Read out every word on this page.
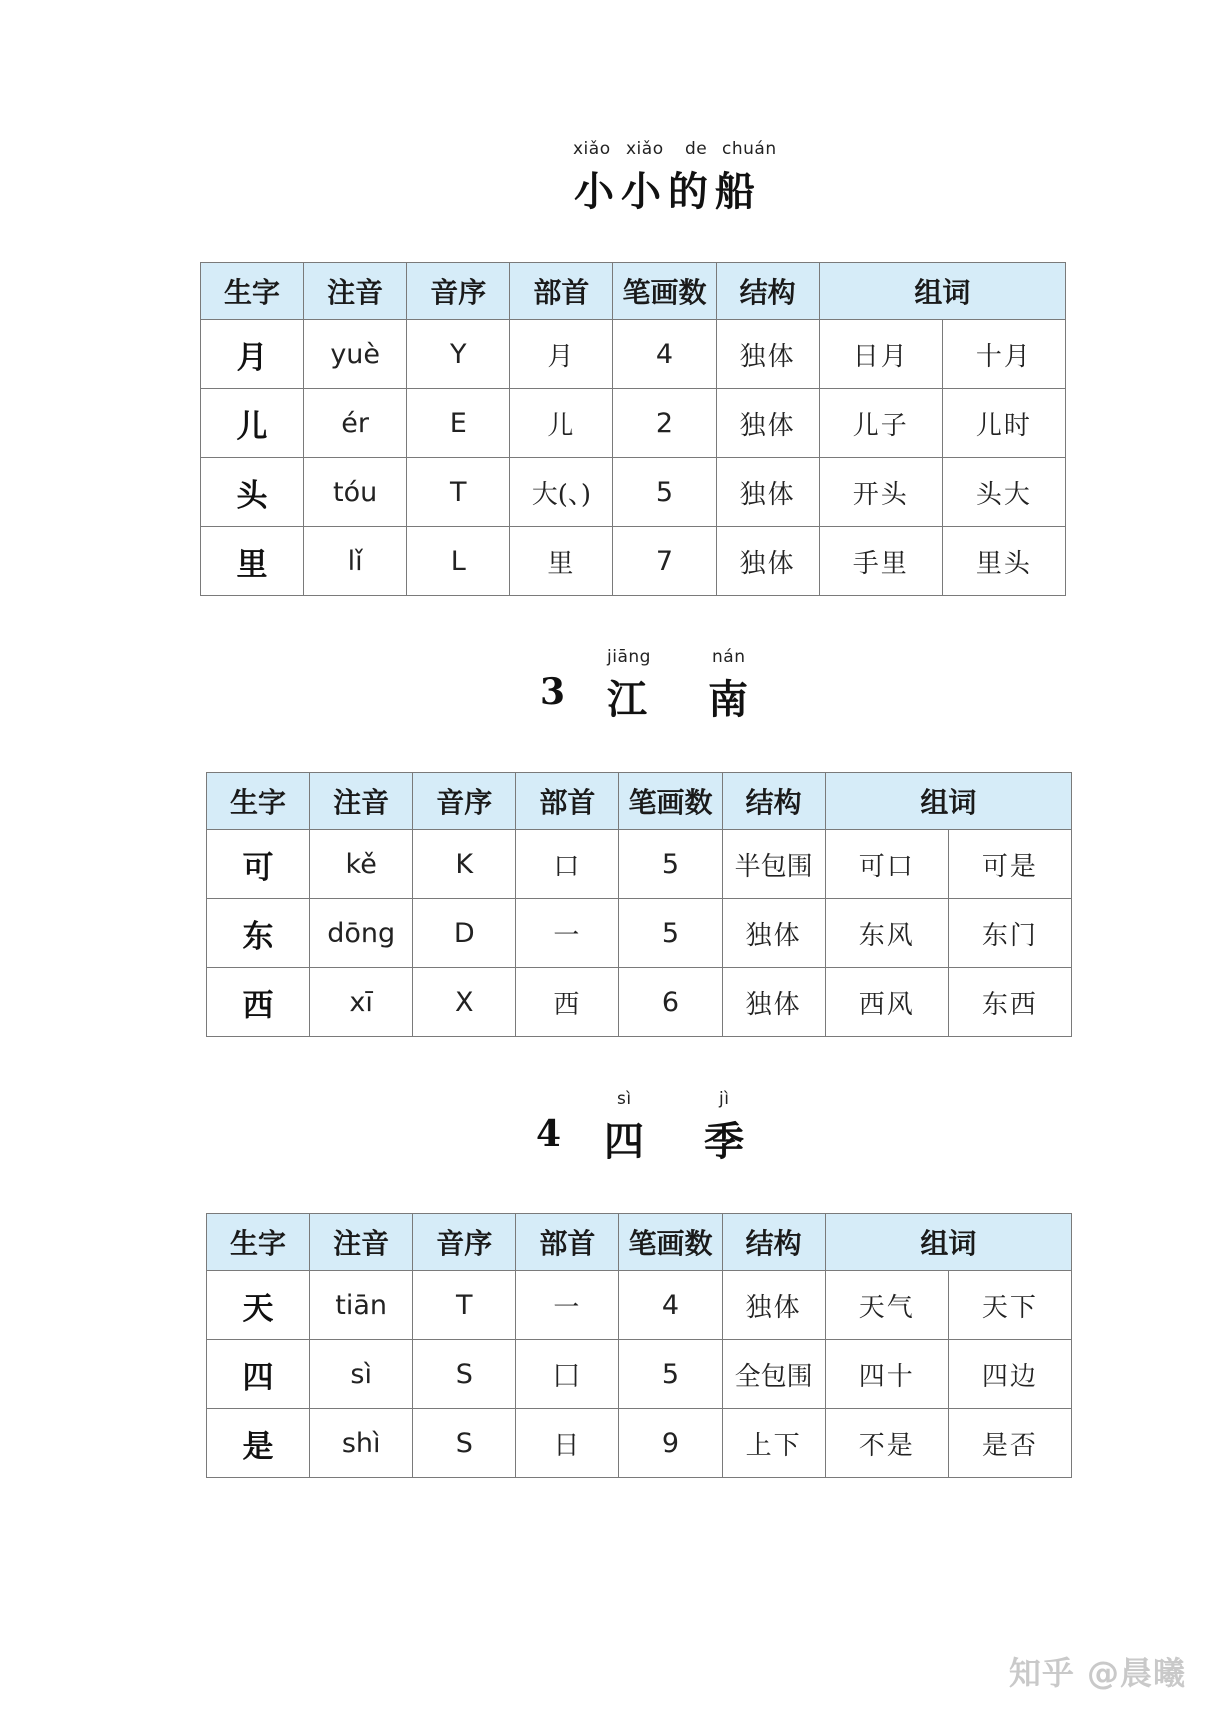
xiǎo xiǎo de chuán
小 小 的 船
生字	注音	音序	部首	笔画数	结构	组词	
月	yuè	Y	月	4	独体	日月	十月
儿	ér	E	儿	2	独体	儿子	儿时
头	tóu	T	大(、)	5	独体	开头	头大
里	lǐ	L	里	7	独体	手里	里头
jiāng	nán
3 江 南
生字	注音	音序	部首	笔画数	结构	组词	
可	kě	K	口	5	半包围	可口	可是
东	dōng	D	一	5	独体	东风	东门
西	xī	X	西	6	独体	西风	东西
sì	jì
4 四 季
生字	注音	音序	部首	笔画数	结构	组词	
天	tiān	T	一	4	独体	天气	天下
四	sì	S	囗	5	全包围	四十	四边
是	shì	S	日	9	上下	不是	是否
知乎 @晨曦
